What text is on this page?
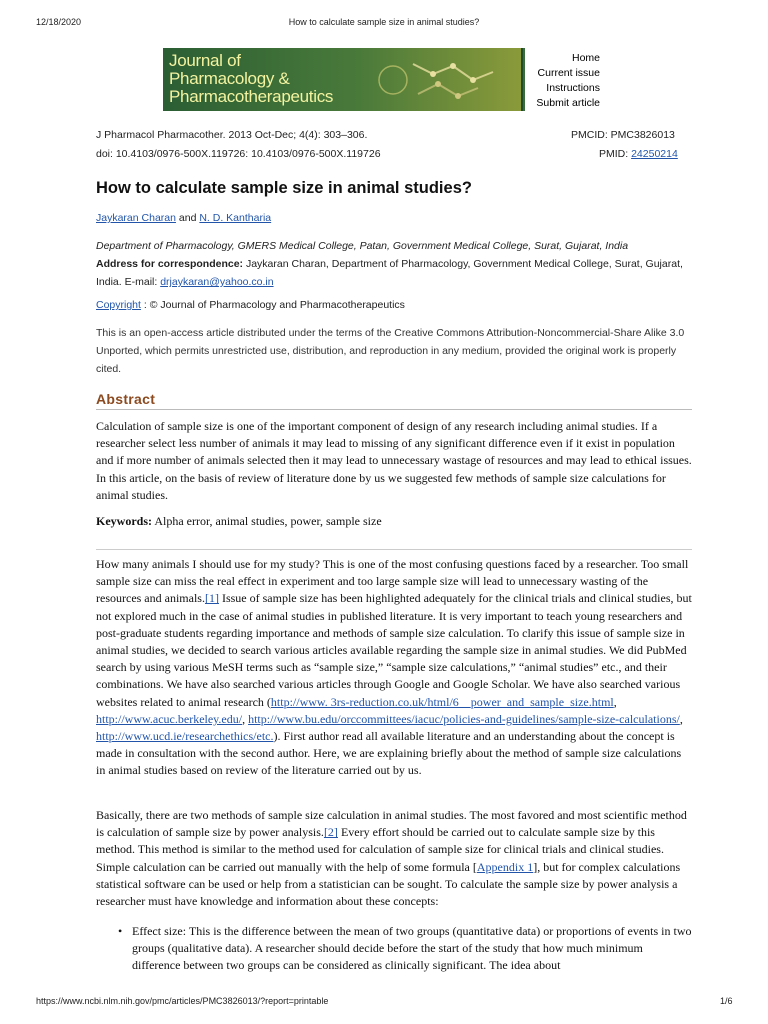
12/18/2020	How to calculate sample size in animal studies?
Journal of
Pharmacology &
Pharmacotherapeutics
Home
Current issue
Instructions
Submit article
J Pharmacol Pharmacother. 2013 Oct-Dec; 4(4): 303–306.
doi: 10.4103/0976-500X.119726: 10.4103/0976-500X.119726
PMCID: PMC3826013
PMID: 24250214
How to calculate sample size in animal studies?
Jaykaran Charan and N. D. Kantharia
Department of Pharmacology, GMERS Medical College, Patan, Government Medical College, Surat, Gujarat, India
Address for correspondence: Jaykaran Charan, Department of Pharmacology, Government Medical College, Surat, Gujarat, India. E-mail: drjaykaran@yahoo.co.in
Copyright : © Journal of Pharmacology and Pharmacotherapeutics
This is an open-access article distributed under the terms of the Creative Commons Attribution-Noncommercial-Share Alike 3.0 Unported, which permits unrestricted use, distribution, and reproduction in any medium, provided the original work is properly cited.
Abstract

Calculation of sample size is one of the important component of design of any research including animal studies. If a researcher select less number of animals it may lead to missing of any significant difference even if it exist in population and if more number of animals selected then it may lead to unnecessary wastage of resources and may lead to ethical issues. In this article, on the basis of review of literature done by us we suggested few methods of sample size calculations for animal studies.

Keywords: Alpha error, animal studies, power, sample size

How many animals I should use for my study? This is one of the most confusing questions faced by a researcher. Too small sample size can miss the real effect in experiment and too large sample size will lead to unnecessary wasting of the resources and animals.[1] Issue of sample size has been highlighted adequately for the clinical trials and clinical studies, but not explored much in the case of animal studies in published literature. It is very important to teach young researchers and post-graduate students regarding importance and methods of sample size calculation. To clarify this issue of sample size in animal studies, we decided to search various articles available regarding the sample size in animal studies. We did PubMed search by using various MeSH terms such as “sample size,” “sample size calculations,” “animal studies” etc., and their combinations. We have also searched various articles through Google and Google Scholar. We have also searched various websites related to animal research (http://www. 3rs-reduction.co.uk/html/6__power_and_sample_size.html, http://www.acuc.berkeley.edu/, http://www.bu.edu/orccommittees/iacuc/policies-and-guidelines/sample-size-calculations/, http://www.ucd.ie/researchethics/etc.). First author read all available literature and an understanding about the concept is made in consultation with the second author. Here, we are explaining briefly about the method of sample size calculations in animal studies based on review of the literature carried out by us.

Basically, there are two methods of sample size calculation in animal studies. The most favored and most scientific method is calculation of sample size by power analysis.[2] Every effort should be carried out to calculate sample size by this method. This method is similar to the method used for calculation of sample size for clinical trials and clinical studies. Simple calculation can be carried out manually with the help of some formula [Appendix 1], but for complex calculations statistical software can be used or help from a statistician can be sought. To calculate the sample size by power analysis a researcher must have knowledge and information about these concepts:

• Effect size: This is the difference between the mean of two groups (quantitative data) or proportions of events in two groups (qualitative data). A researcher should decide before the start of the study that how much minimum difference between two groups can be considered as clinically significant. The idea about
https://www.ncbi.nlm.nih.gov/pmc/articles/PMC3826013/?report=printable	1/6
